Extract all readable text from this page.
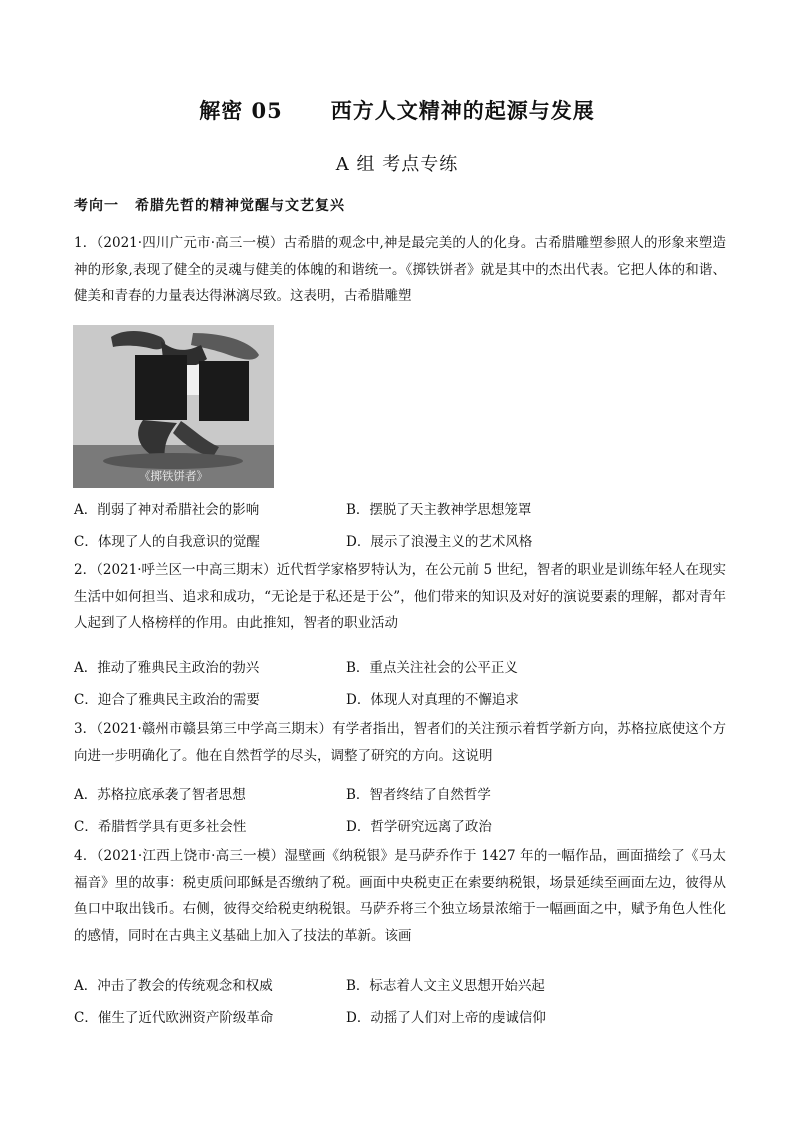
解密 05 西方人文精神的起源与发展
A 组 考点专练
考向一 希腊先哲的精神觉醒与文艺复兴
1．（2021·四川广元市·高三一模）古希腊的观念中,神是最完美的人的化身。古希腊雕塑参照人的形象来塑造神的形象,表现了健全的灵魂与健美的体魄的和谐统一。《掷铁饼者》就是其中的杰出代表。它把人体的和谐、健美和青春的力量表达得淋漓尽致。这表明，古希腊雕塑
《掷铁饼者》
A．削弱了神对希腊社会的影响	B．摆脱了天主教神学思想笼罩
C．体现了人的自我意识的觉醒	D．展示了浪漫主义的艺术风格
2．（2021·呼兰区一中高三期末）近代哲学家格罗特认为，在公元前 5 世纪，智者的职业是训练年轻人在现实生活中如何担当、追求和成功，“无论是于私还是于公”，他们带来的知识及对好的演说要素的理解，都对青年人起到了人格榜样的作用。由此推知，智者的职业活动
A．推动了雅典民主政治的勃兴	B．重点关注社会的公平正义
C．迎合了雅典民主政治的需要	D．体现人对真理的不懈追求
3．（2021·赣州市赣县第三中学高三期末）有学者指出，智者们的关注预示着哲学新方向，苏格拉底使这个方向进一步明确化了。他在自然哲学的尽头，调整了研究的方向。这说明
A．苏格拉底承袭了智者思想	B．智者终结了自然哲学
C．希腊哲学具有更多社会性	D．哲学研究远离了政治
4．（2021·江西上饶市·高三一模）湿壁画《纳税银》是马萨乔作于 1427 年的一幅作品，画面描绘了《马太福音》里的故事：税吏质问耶稣是否缴纳了税。画面中央税吏正在索要纳税银，场景延续至画面左边，彼得从鱼口中取出钱币。右侧，彼得交给税吏纳税银。马萨乔将三个独立场景浓缩于一幅画面之中，赋予角色人性化的感情，同时在古典主义基础上加入了技法的革新。该画
A．冲击了教会的传统观念和权威	B．标志着人文主义思想开始兴起
C．催生了近代欧洲资产阶级革命	D．动摇了人们对上帝的虔诚信仰
